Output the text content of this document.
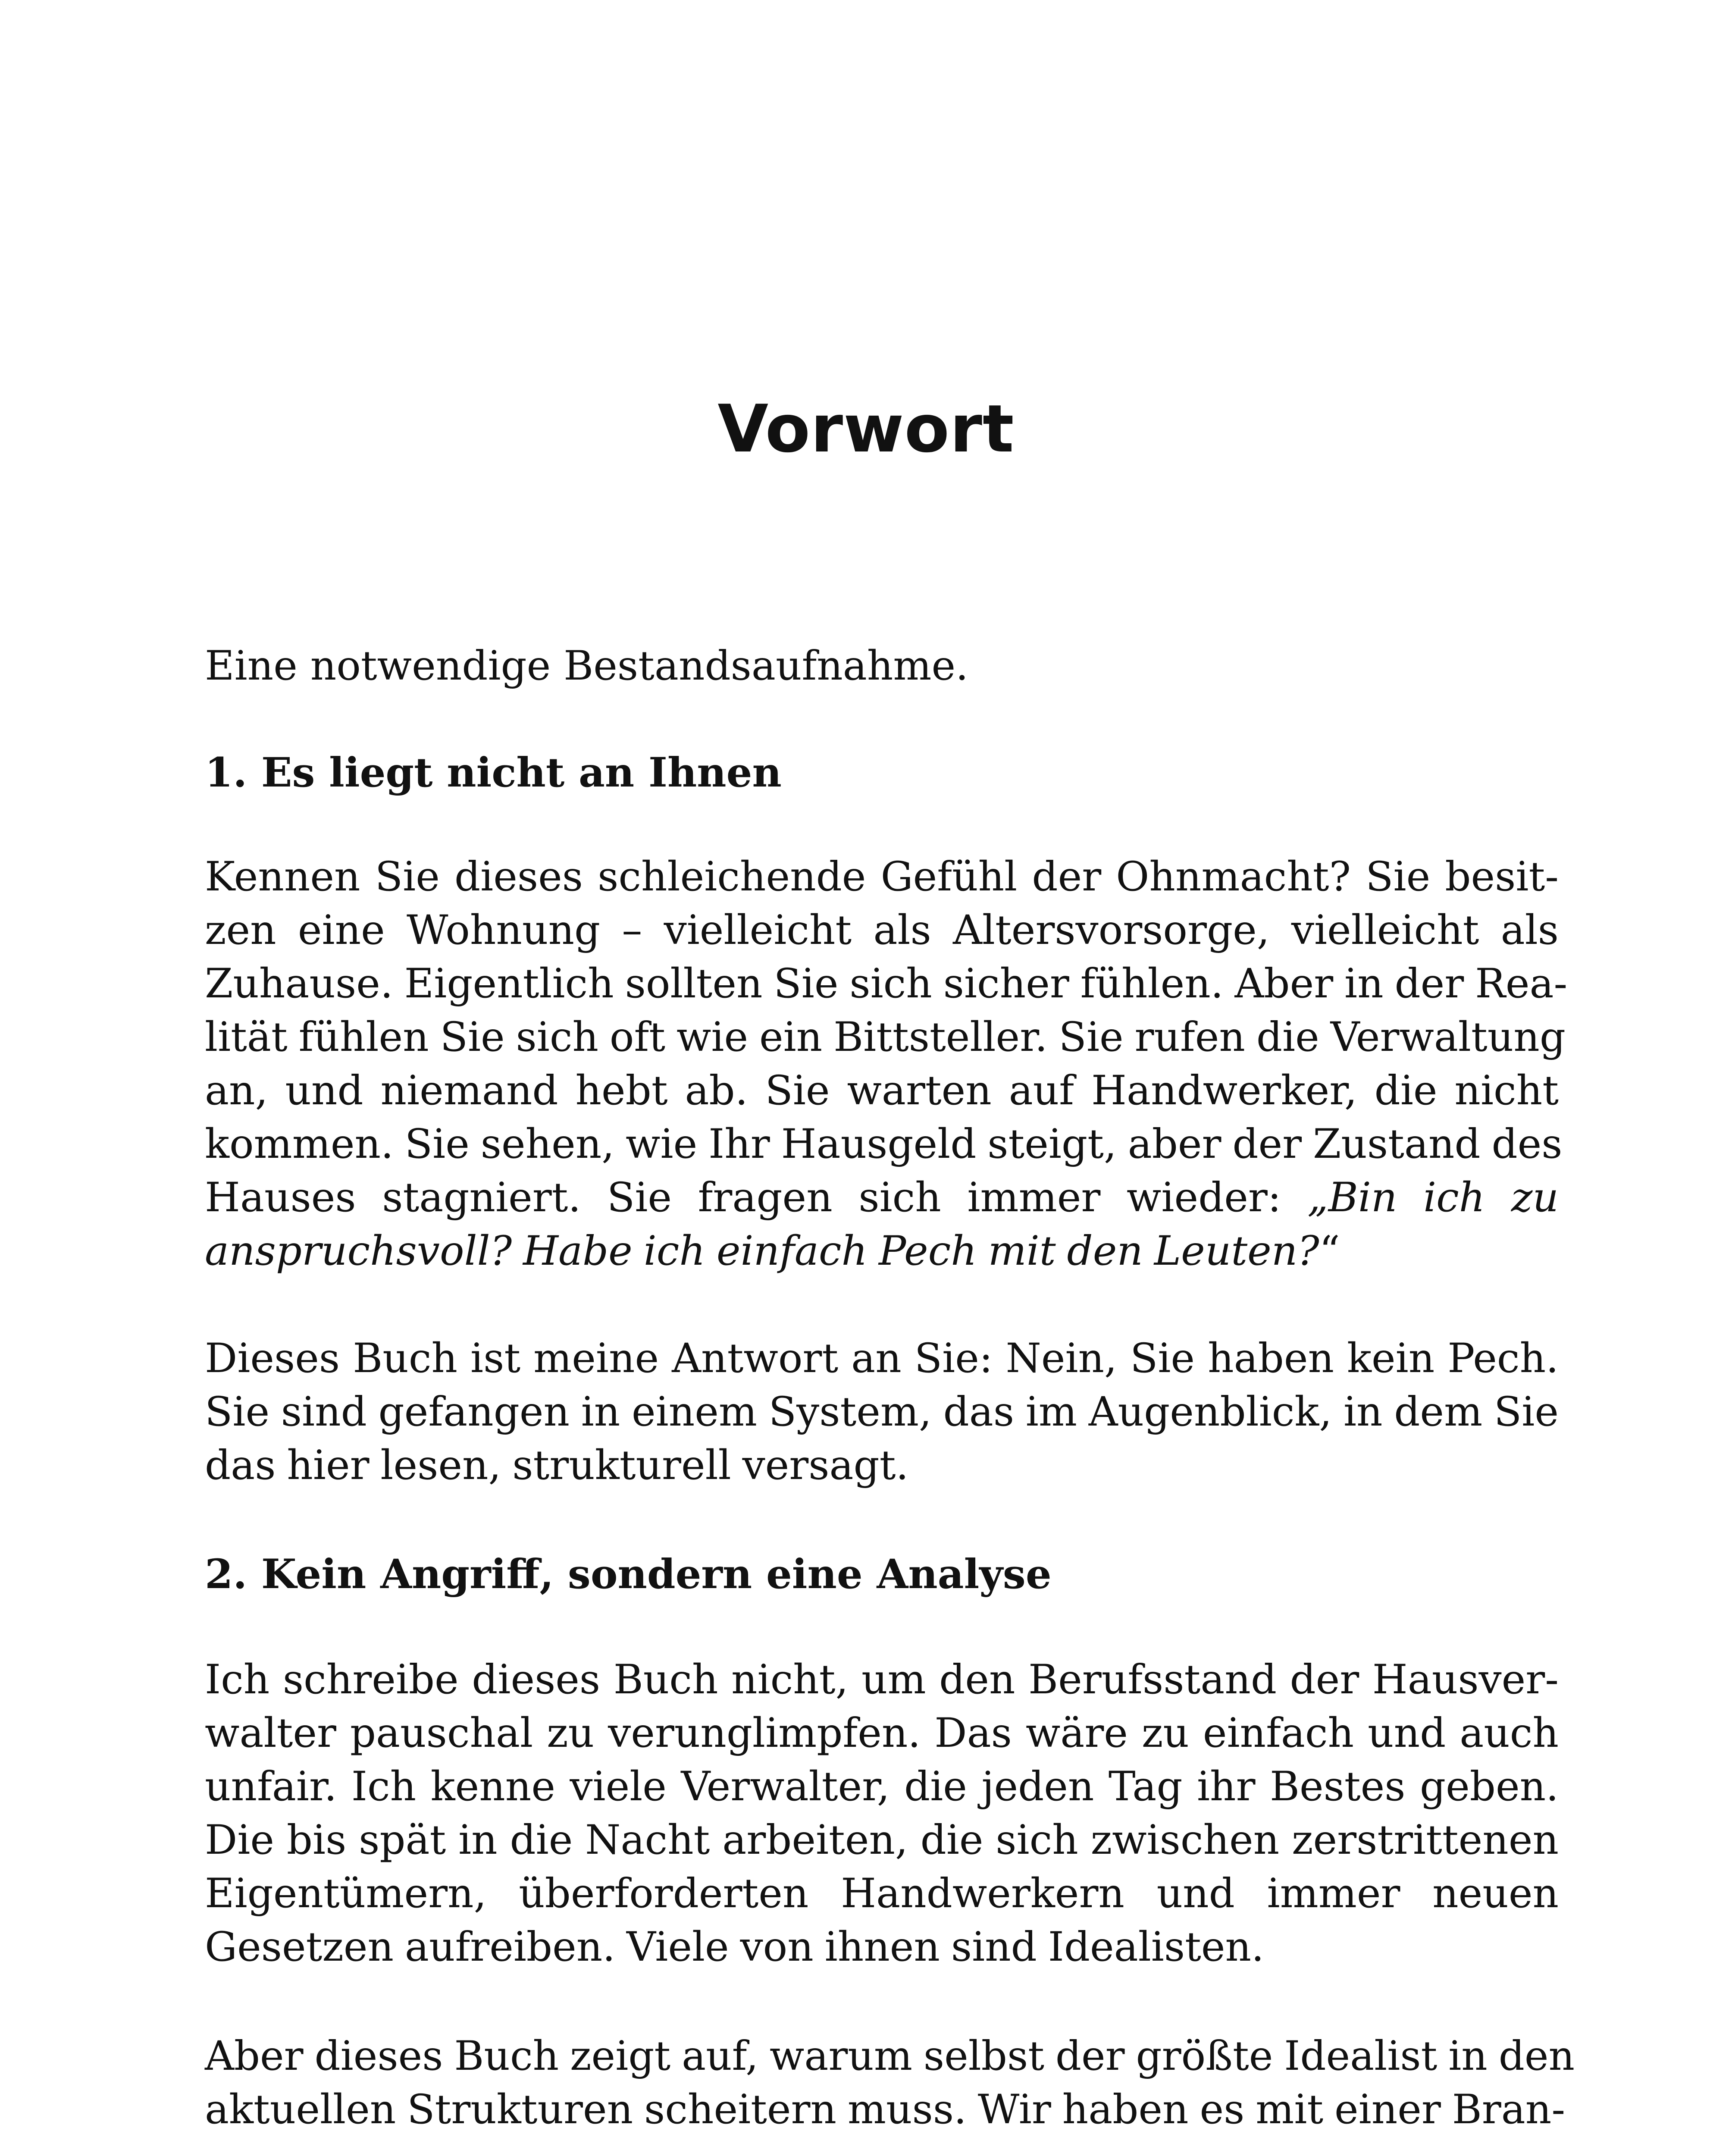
Vorwort
Eine notwendige Bestandsaufnahme.
1. Es liegt nicht an Ihnen
Kennen Sie dieses schleichende Gefühl der Ohnmacht? Sie besit-
zen eine Wohnung – vielleicht als Altersvorsorge, vielleicht als
Zuhause. Eigentlich sollten Sie sich sicher fühlen. Aber in der Rea-
lität fühlen Sie sich oft wie ein Bittsteller. Sie rufen die Verwaltung
an, und niemand hebt ab. Sie warten auf Handwerker, die nicht
kommen. Sie sehen, wie Ihr Hausgeld steigt, aber der Zustand des
Hauses stagniert. Sie fragen sich immer wieder: „Bin ich zu
anspruchsvoll? Habe ich einfach Pech mit den Leuten?“
Dieses Buch ist meine Antwort an Sie: Nein, Sie haben kein Pech.
Sie sind gefangen in einem System, das im Augenblick, in dem Sie
das hier lesen, strukturell versagt.
2. Kein Angriff, sondern eine Analyse
Ich schreibe dieses Buch nicht, um den Berufsstand der Hausver-
walter pauschal zu verunglimpfen. Das wäre zu einfach und auch
unfair. Ich kenne viele Verwalter, die jeden Tag ihr Bestes geben.
Die bis spät in die Nacht arbeiten, die sich zwischen zerstrittenen
Eigentümern, überforderten Handwerkern und immer neuen
Gesetzen aufreiben. Viele von ihnen sind Idealisten.
Aber dieses Buch zeigt auf, warum selbst der größte Idealist in den
aktuellen Strukturen scheitern muss. Wir haben es mit einer Bran-
